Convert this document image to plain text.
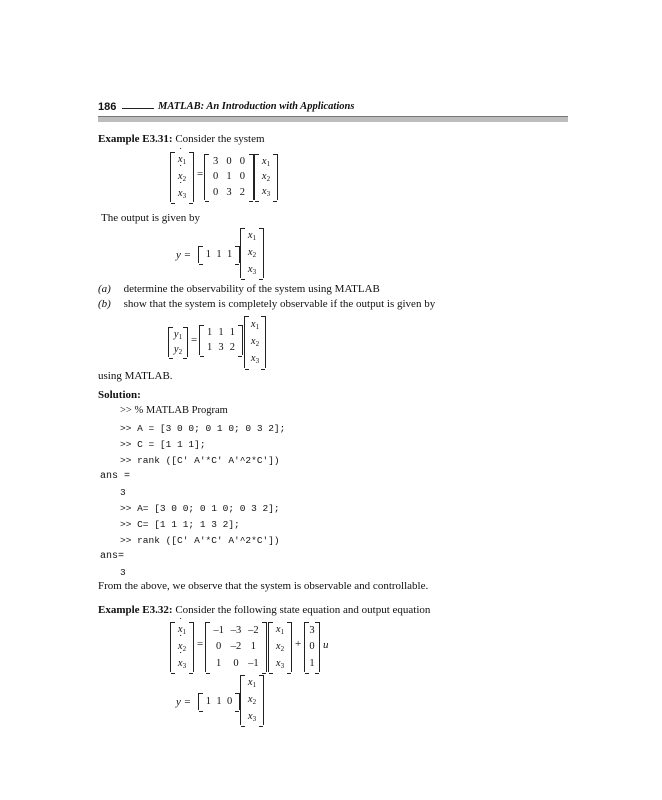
186	MATLAB: An Introduction with Applications
Example E3.31: Consider the system
˙ $x_1$
˙ $x_2$
˙ $x_3$
=
3 0 0
0 1 0
0 3 2
$x_1$
$x_2$
$x_3$
The output is given by
y = 1 1 1
$x_1$
$x_2$
$x_3$
(a) determine the observability of the system using MATLAB
(b) show that the system is completely observable if the output is given by
$y_1$
$y_2$
=
1 1 1
1 3 2
$x_1$
$x_2$
$x_3$
using MATLAB.
Solution:
>> % MATLAB Program
>> A = [3 0 0; 0 1 0; 0 3 2];
>> C = [1 1 1];
>> rank ([C' A'*C' A'^2*C'])
ans =
3
>> A= [3 0 0; 0 1 0; 0 3 2];
>> C= [1 1 1; 1 3 2];
>> rank ([C' A'*C' A'^2*C'])
ans=
3
From the above, we observe that the system is observable and controllable.
Example E3.32: Consider the following state equation and output equation
˙ $x_1$
˙ $x_2$
˙ $x_3$
=
–1 –3 –2
0 –2 1
1 0 –1
$x_1$
$x_2$
$x_3$
+
3
0
1
u
y = 1 1 0
$x_1$
$x_2$
$x_3$
